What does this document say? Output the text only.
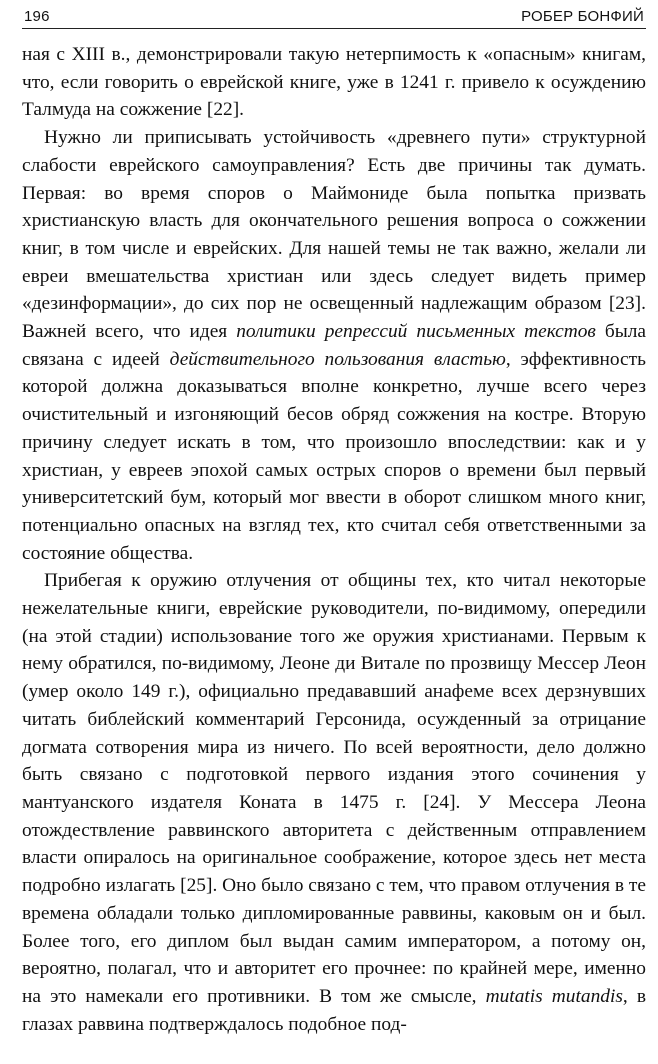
196	РОБЕР БОНФИЙ

ная с XIII в., демонстрировали такую нетерпимость к «опасным» книгам, что, если говорить о еврейской книге, уже в 1241 г. привело к осуждению Талмуда на сожжение [22].

Нужно ли приписывать устойчивость «древнего пути» структурной слабости еврейского самоуправления? Есть две причины так думать. Первая: во время споров о Маймониде была попытка призвать христианскую власть для окончательного решения вопроса о сожжении книг, в том числе и еврейских. Для нашей темы не так важно, желали ли евреи вмешательства христиан или здесь следует видеть пример «дезинформации», до сих пор не освещенный надлежащим образом [23]. Важней всего, что идея политики репрессий письменных текстов была связана с идеей действительного пользования властью, эффективность которой должна доказываться вполне конкретно, лучше всего через очистительный и изгоняющий бесов обряд сожжения на костре. Вторую причину следует искать в том, что произошло впоследствии: как и у христиан, у евреев эпохой самых острых споров о времени был первый университетский бум, который мог ввести в оборот слишком много книг, потенциально опасных на взгляд тех, кто считал себя ответственными за состояние общества.

Прибегая к оружию отлучения от общины тех, кто читал некоторые нежелательные книги, еврейские руководители, по-видимому, опередили (на этой стадии) использование того же оружия христианами. Первым к нему обратился, по-видимому, Леоне ди Витале по прозвищу Мессер Леон (умер около 149 г.), официально предававший анафеме всех дерзнувших читать библейский комментарий Герсонида, осужденный за отрицание догмата сотворения мира из ничего. По всей вероятности, дело должно быть связано с подготовкой первого издания этого сочинения у мантуанского издателя Коната в 1475 г. [24]. У Мессера Леона отождествление раввинского авторитета с действенным отправлением власти опиралось на оригинальное соображение, которое здесь нет места подробно излагать [25]. Оно было связано с тем, что правом отлучения в те времена обладали только дипломированные раввины, каковым он и был. Более того, его диплом был выдан самим императором, а потому он, вероятно, полагал, что и авторитет его прочнее: по крайней мере, именно на это намекали его противники. В том же смысле, mutatis mutandis, в глазах раввина подтверждалось подобное под-
